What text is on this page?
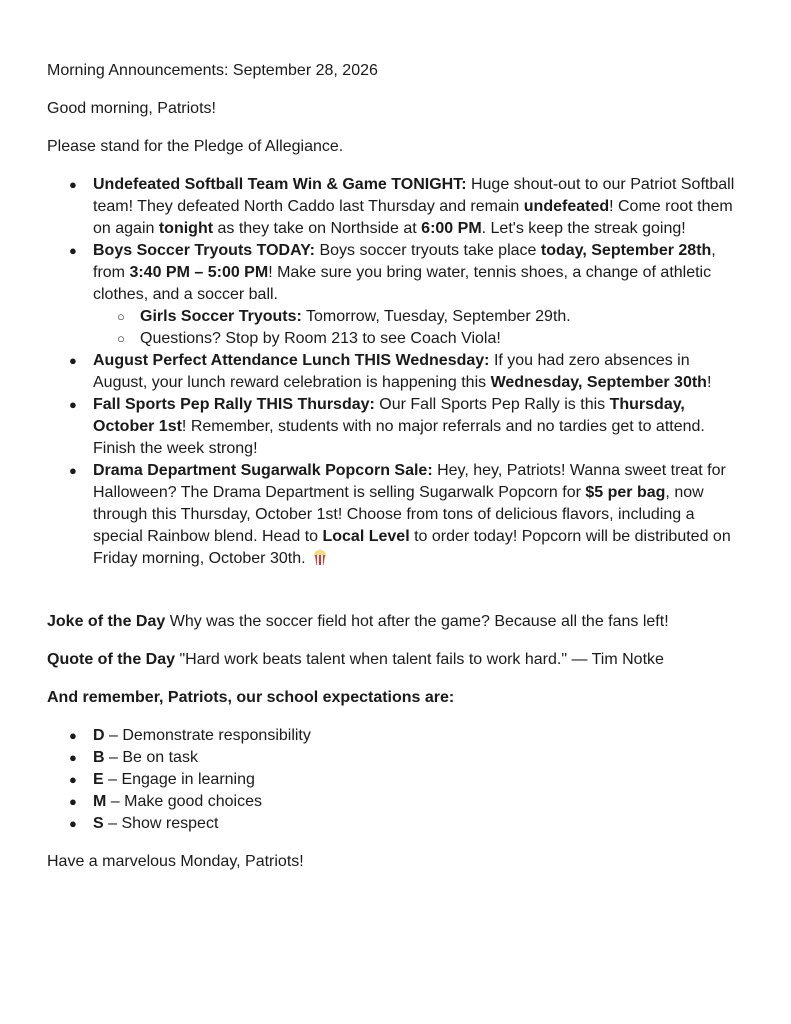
Morning Announcements: September 28, 2026

Good morning, Patriots!

Please stand for the Pledge of Allegiance.

● Undefeated Softball Team Win & Game TONIGHT: Huge shout-out to our Patriot Softball team! They defeated North Caddo last Thursday and remain undefeated! Come root them on again tonight as they take on Northside at 6:00 PM. Let's keep the streak going!
● Boys Soccer Tryouts TODAY: Boys soccer tryouts take place today, September 28th, from 3:40 PM – 5:00 PM! Make sure you bring water, tennis shoes, a change of athletic clothes, and a soccer ball.
○ Girls Soccer Tryouts: Tomorrow, Tuesday, September 29th.
○ Questions? Stop by Room 213 to see Coach Viola!
● August Perfect Attendance Lunch THIS Wednesday: If you had zero absences in August, your lunch reward celebration is happening this Wednesday, September 30th!
● Fall Sports Pep Rally THIS Thursday: Our Fall Sports Pep Rally is this Thursday, October 1st! Remember, students with no major referrals and no tardies get to attend. Finish the week strong!
● Drama Department Sugarwalk Popcorn Sale: Hey, hey, Patriots! Wanna sweet treat for Halloween? The Drama Department is selling Sugarwalk Popcorn for $5 per bag, now through this Thursday, October 1st! Choose from tons of delicious flavors, including a special Rainbow blend. Head to Local Level to order today! Popcorn will be distributed on Friday morning, October 30th.

Joke of the Day Why was the soccer field hot after the game? Because all the fans left!

Quote of the Day "Hard work beats talent when talent fails to work hard." — Tim Notke

And remember, Patriots, our school expectations are:

● D – Demonstrate responsibility
● B – Be on task
● E – Engage in learning
● M – Make good choices
● S – Show respect

Have a marvelous Monday, Patriots!
